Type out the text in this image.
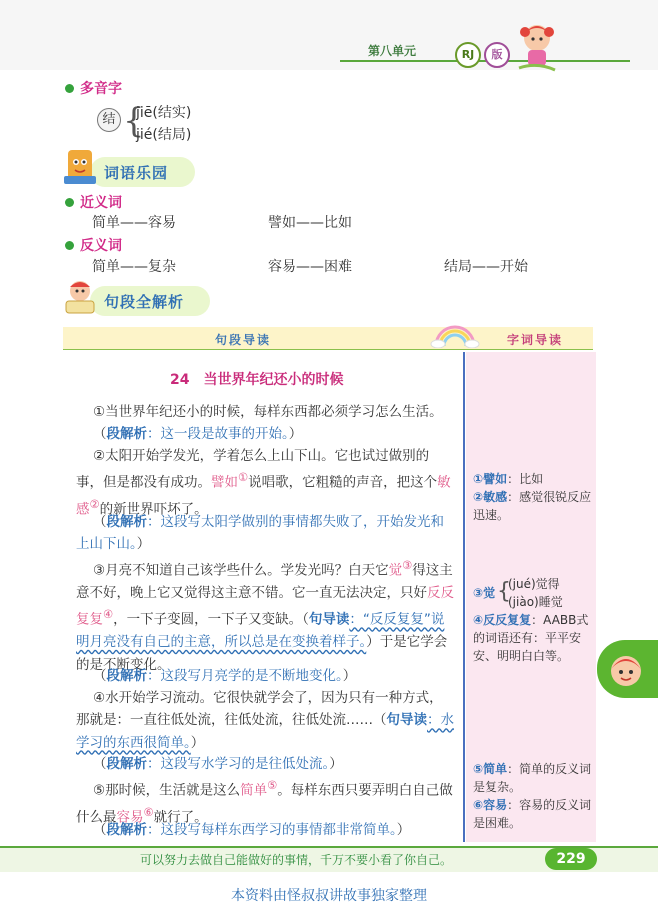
第八单元	RJ	版
多音字
结 {
jiē(结实)
jié(结局)
词语乐园
近义词
简单——容易	譬如——比如
反义词
简单——复杂	容易——困难	结局——开始
句段全解析
句段导读	字词导读
24　当世界年纪还小的时候
①当世界年纪还小的时候，每样东西都必须学习怎么生活。
（段解析：这一段是故事的开始。）
②太阳开始学发光，学着怎么上山下山。它也试过做别的事，但是都没有成功。譬如①说唱歌，它粗糙的声音，把这个敏感②的新世界吓坏了。
（段解析：这段写太阳学做别的事情都失败了，开始发光和上山下山。）
③月亮不知道自己该学些什么。学发光吗？白天它觉③得这主意不好，晚上它又觉得这主意不错。它一直无法决定，只好反反复复④，一下子变圆，一下子又变缺。（句导读：“反反复复”说明月亮没有自己的主意，所以总是在变换着样子。）于是它学会的是不断变化。
（段解析：这段写月亮学的是不断地变化。）
④水开始学习流动。它很快就学会了，因为只有一种方式，那就是：一直往低处流，往低处流，往低处流……（句导读：水学习的东西很简单。）
（段解析：这段写水学习的是往低处流。）
⑤那时候，生活就是这么简单⑤。每样东西只要弄明白自己做什么最容易⑥就行了。
（段解析：这段写每样东西学习的事情都非常简单。）
①譬如：比如
②敏感：感觉很锐反应迅速。
③觉 {
(jué)觉得
(jiào)睡觉
④反反复复：AABB式的词语还有：平平安安、明明白白等。
⑤简单：简单的反义词是复杂。
⑥容易：容易的反义词是困难。
可以努力去做自己能做好的事情，千万不要小看了你自己。	229
本资料由怪叔叔讲故事独家整理
